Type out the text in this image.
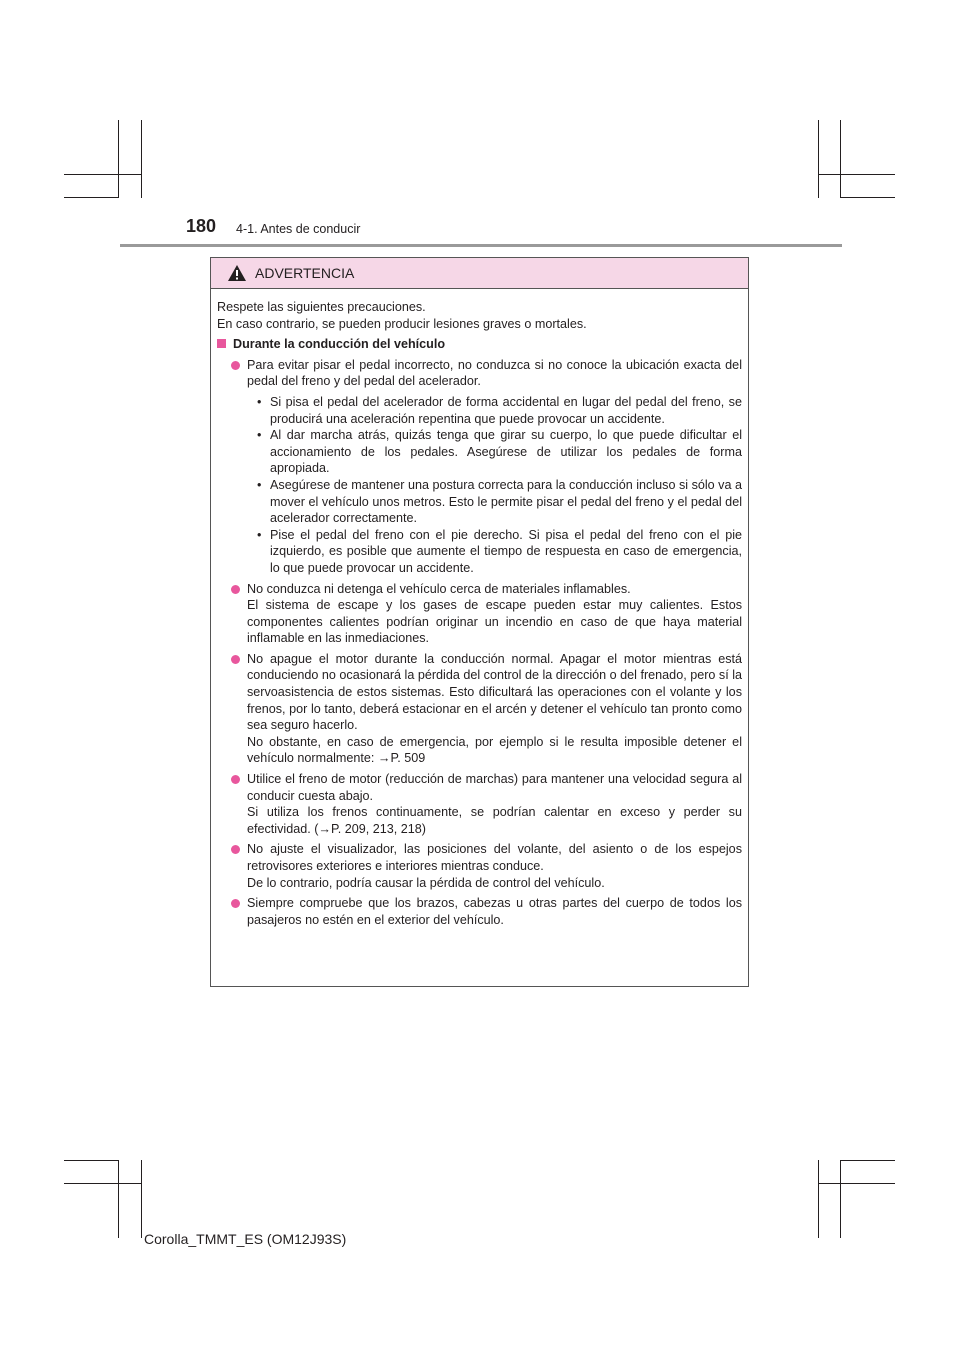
180 4-1. Antes de conducir
ADVERTENCIA

Respete las siguientes precauciones.
En caso contrario, se pueden producir lesiones graves o mortales.

Durante la conducción del vehículo

Para evitar pisar el pedal incorrecto, no conduzca si no conoce la ubicación exacta del pedal del freno y del pedal del acelerador.
• Si pisa el pedal del acelerador de forma accidental en lugar del pedal del freno, se producirá una aceleración repentina que puede provocar un accidente.
• Al dar marcha atrás, quizás tenga que girar su cuerpo, lo que puede dificultar el accionamiento de los pedales. Asegúrese de utilizar los pedales de forma apropiada.
• Asegúrese de mantener una postura correcta para la conducción incluso si sólo va a mover el vehículo unos metros. Esto le permite pisar el pedal del freno y el pedal del acelerador correctamente.
• Pise el pedal del freno con el pie derecho. Si pisa el pedal del freno con el pie izquierdo, es posible que aumente el tiempo de respuesta en caso de emergencia, lo que puede provocar un accidente.
No conduzca ni detenga el vehículo cerca de materiales inflamables.
El sistema de escape y los gases de escape pueden estar muy calientes. Estos componentes calientes podrían originar un incendio en caso de que haya material inflamable en las inmediaciones.
No apague el motor durante la conducción normal. Apagar el motor mientras está conduciendo no ocasionará la pérdida del control de la dirección o del frenado, pero sí la servoasistencia de estos sistemas. Esto dificultará las operaciones con el volante y los frenos, por lo tanto, deberá estacionar en el arcén y detener el vehículo tan pronto como sea seguro hacerlo.
No obstante, en caso de emergencia, por ejemplo si le resulta imposible detener el vehículo normalmente: →P. 509
Utilice el freno de motor (reducción de marchas) para mantener una velocidad segura al conducir cuesta abajo.
Si utiliza los frenos continuamente, se podrían calentar en exceso y perder su efectividad. (→P. 209, 213, 218)
No ajuste el visualizador, las posiciones del volante, del asiento o de los espejos retrovisores exteriores e interiores mientras conduce.
De lo contrario, podría causar la pérdida de control del vehículo.
Siempre compruebe que los brazos, cabezas u otras partes del cuerpo de todos los pasajeros no estén en el exterior del vehículo.
Corolla_TMMT_ES (OM12J93S)
